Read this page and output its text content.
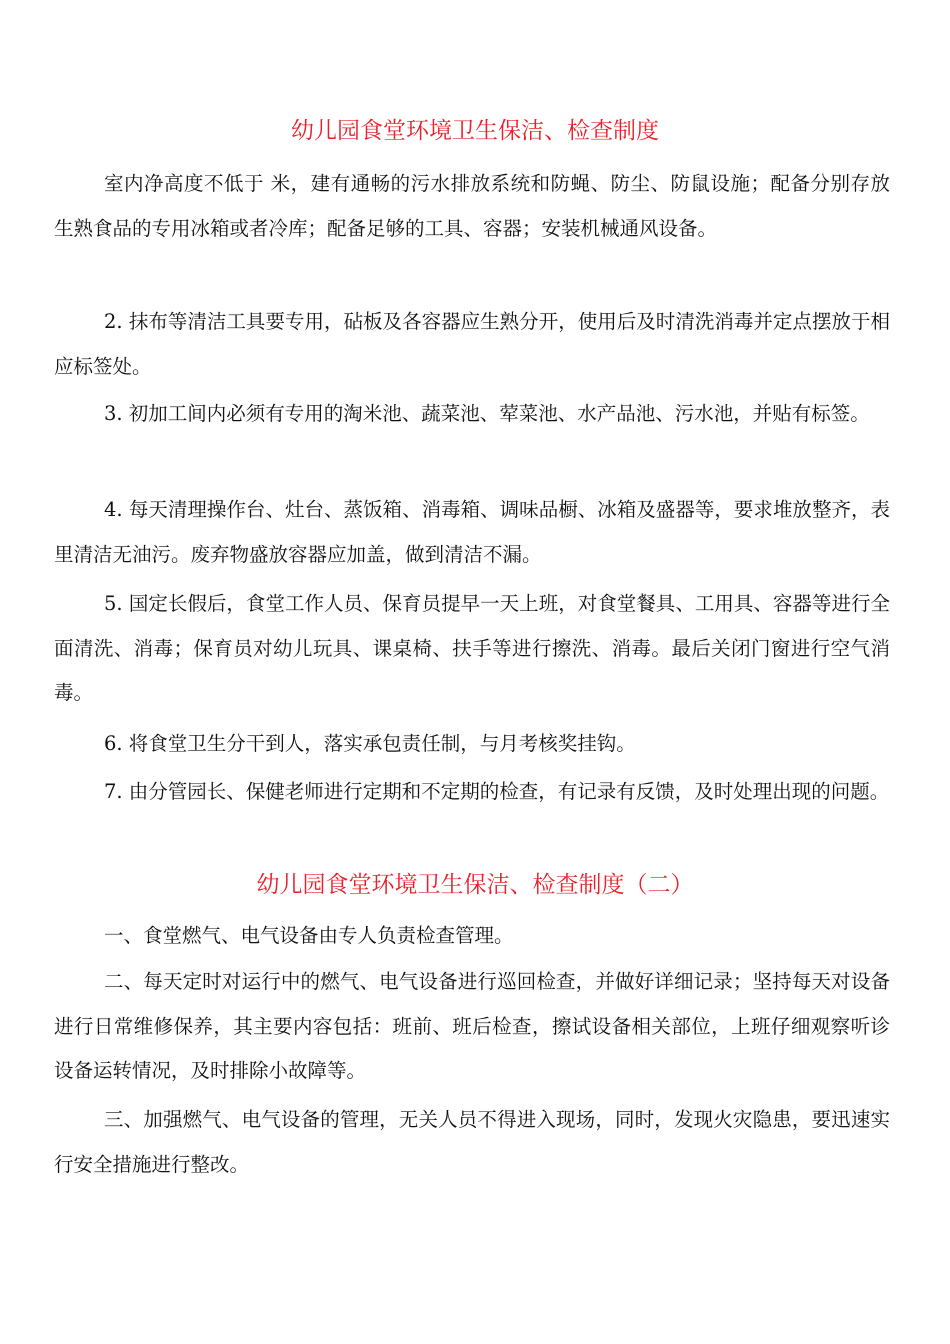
幼儿园食堂环境卫生保洁、检查制度

室内净高度不低于 米，建有通畅的污水排放系统和防蝇、防尘、防鼠设施；配备分别存放生熟食品的专用冰箱或者冷库；配备足够的工具、容器；安装机械通风设备。

2. 抹布等清洁工具要专用，砧板及各容器应生熟分开，使用后及时清洗消毒并定点摆放于相应标签处。

3. 初加工间内必须有专用的淘米池、蔬菜池、荤菜池、水产品池、污水池，并贴有标签。

4. 每天清理操作台、灶台、蒸饭箱、消毒箱、调味品橱、冰箱及盛器等，要求堆放整齐，表里清洁无油污。废弃物盛放容器应加盖，做到清洁不漏。

5. 国定长假后，食堂工作人员、保育员提早一天上班，对食堂餐具、工用具、容器等进行全面清洗、消毒；保育员对幼儿玩具、课桌椅、扶手等进行擦洗、消毒。最后关闭门窗进行空气消毒。

6. 将食堂卫生分干到人，落实承包责任制，与月考核奖挂钩。

7. 由分管园长、保健老师进行定期和不定期的检查，有记录有反馈，及时处理出现的问题。

幼儿园食堂环境卫生保洁、检查制度（二）

一、食堂燃气、电气设备由专人负责检查管理。

二、每天定时对运行中的燃气、电气设备进行巡回检查，并做好详细记录；坚持每天对设备进行日常维修保养，其主要内容包括：班前、班后检查，擦试设备相关部位，上班仔细观察听诊设备运转情况，及时排除小故障等。

三、加强燃气、电气设备的管理，无关人员不得进入现场，同时，发现火灾隐患，要迅速实行安全措施进行整改。
